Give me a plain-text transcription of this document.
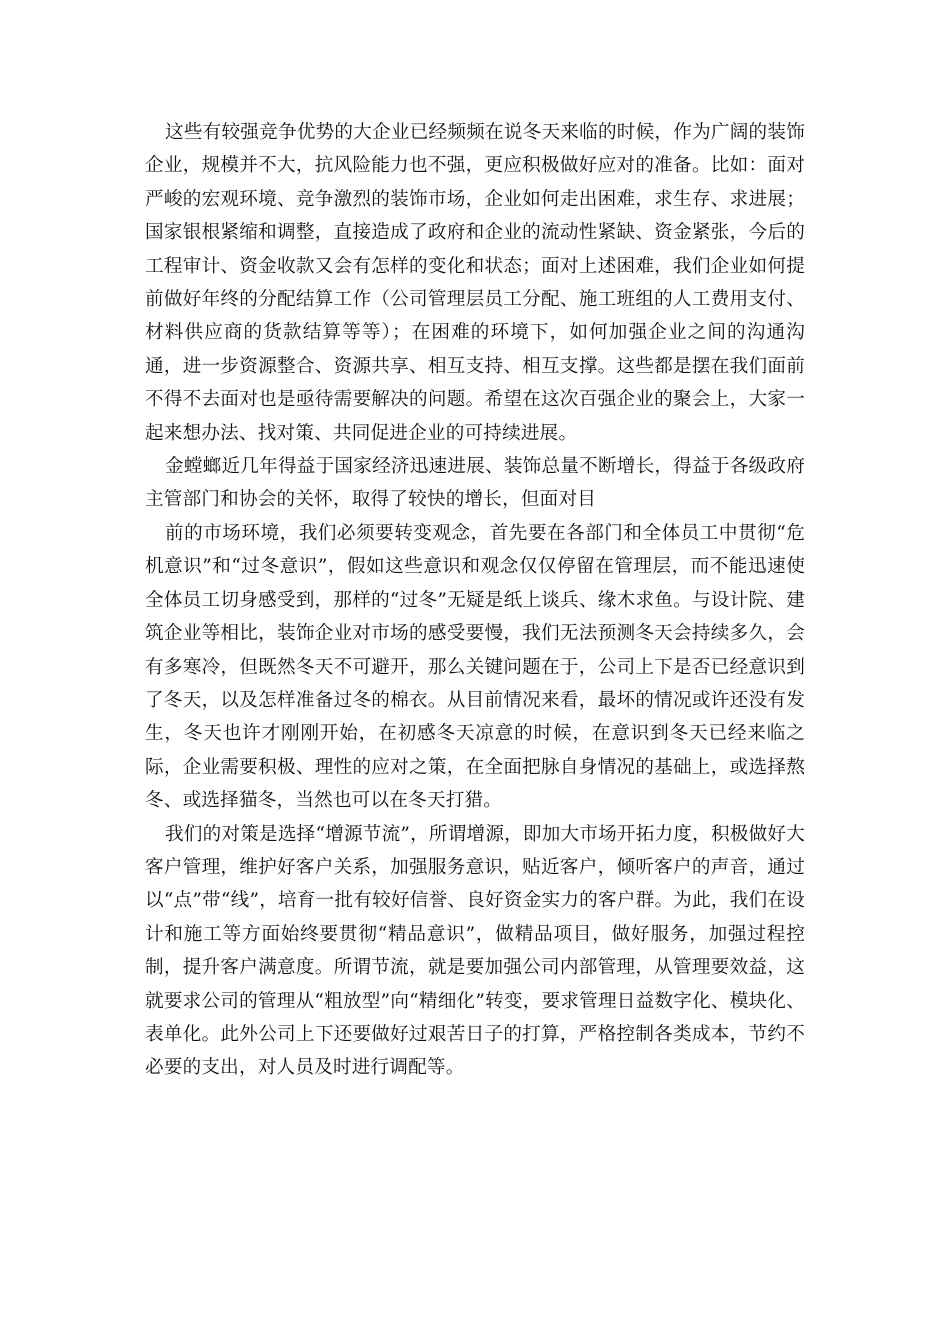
这些有较强竞争优势的大企业已经频频在说冬天来临的时候，作为广阔的装饰企业，规模并不大，抗风险能力也不强，更应积极做好应对的准备。比如：面对严峻的宏观环境、竞争激烈的装饰市场，企业如何走出困难，求生存、求进展；国家银根紧缩和调整，直接造成了政府和企业的流动性紧缺、资金紧张，今后的工程审计、资金收款又会有怎样的变化和状态；面对上述困难，我们企业如何提前做好年终的分配结算工作（公司管理层员工分配、施工班组的人工费用支付、材料供应商的货款结算等等）；在困难的环境下，如何加强企业之间的沟通沟通，进一步资源整合、资源共享、相互支持、相互支撑。这些都是摆在我们面前不得不去面对也是亟待需要解决的问题。希望在这次百强企业的聚会上，大家一起来想办法、找对策、共同促进企业的可持续进展。

金螳螂近几年得益于国家经济迅速进展、装饰总量不断增长，得益于各级政府主管部门和协会的关怀，取得了较快的增长，但面对目

前的市场环境，我们必须要转变观念，首先要在各部门和全体员工中贯彻“危机意识”和“过冬意识”，假如这些意识和观念仅仅停留在管理层，而不能迅速使全体员工切身感受到，那样的“过冬”无疑是纸上谈兵、缘木求鱼。与设计院、建筑企业等相比，装饰企业对市场的感受要慢，我们无法预测冬天会持续多久，会有多寒冷，但既然冬天不可避开，那么关键问题在于，公司上下是否已经意识到了冬天，以及怎样准备过冬的棉衣。从目前情况来看，最坏的情况或许还没有发生，冬天也许才刚刚开始，在初感冬天凉意的时候，在意识到冬天已经来临之际，企业需要积极、理性的应对之策，在全面把脉自身情况的基础上，或选择熬冬、或选择猫冬，当然也可以在冬天打猎。

我们的对策是选择“增源节流”，所谓增源，即加大市场开拓力度，积极做好大客户管理，维护好客户关系，加强服务意识，贴近客户，倾听客户的声音，通过以“点”带“线”，培育一批有较好信誉、良好资金实力的客户群。为此，我们在设计和施工等方面始终要贯彻“精品意识”，做精品项目，做好服务，加强过程控制，提升客户满意度。所谓节流，就是要加强公司内部管理，从管理要效益，这就要求公司的管理从“粗放型”向“精细化”转变，要求管理日益数字化、模块化、表单化。此外公司上下还要做好过艰苦日子的打算，严格控制各类成本，节约不必要的支出，对人员及时进行调配等。
